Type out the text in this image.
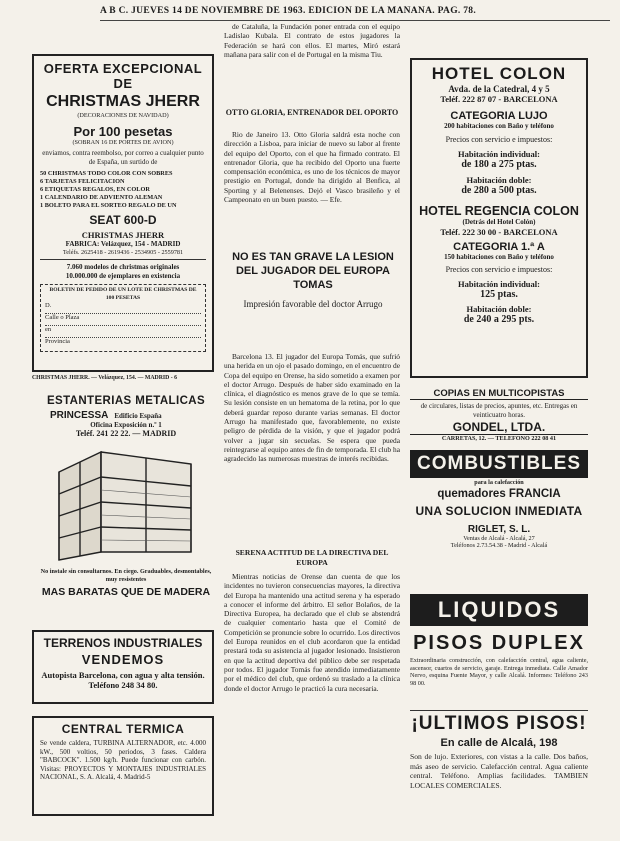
A B C. JUEVES 14 DE NOVIEMBRE DE 1963. EDICION DE LA MAÑANA. PAG. 78.
OFERTA EXCEPCIONAL DE
CHRISTMAS JHERR
(DECORACIONES DE NAVIDAD)
Por 100 pesetas
(SOBRAN 16 DE PORTES DE AVION)
enviamos, contra reembolso, por correo a cualquier punto de España, un surtido de
50 CHRISTMAS TODO COLOR CON SOBRES
6 TARJETAS FELICITACION
6 ETIQUETAS REGALOS, EN COLOR
1 CALENDARIO DE ADVIENTO ALEMAN
1 BOLETO PARA EL SORTEO REGALO DE UN
SEAT 600-D
CHRISTMAS JHERR
FABRICA: Velázquez, 154 - MADRID
Teléfs. 2625418 - 2619436 - 2534905 - 2559781
7.060 modelos de christmas originales
10.000.000 de ejemplares en existencia
BOLETIN DE PEDIDO DE UN LOTE DE CHRISTMAS DE 100 PESETAS
D.
Calle o Plaza
en
Provincia
CHRISTMAS JHERR. — Velázquez, 154. — MADRID - 6
ESTANTERIAS METALICAS
PRINCESSA Edificio España
Oficina Exposición n.º 1
Teléf. 241 22 22. — MADRID
No instale sin consultarnos. En ciego. Graduables, desmontables, muy resistentes
MAS BARATAS QUE DE MADERA
TERRENOS INDUSTRIALES
VENDEMOS
Autopista Barcelona, con agua y alta tensión. Teléfono 248 34 80.
CENTRAL TERMICA
Se vende caldera, TURBINA ALTERNADOR, etc. 4.000 kW., 500 voltios, 50 periodos, 3 fases. Caldera "BABCOCK". 1.500 kg/h. Puede funcionar con carbón. Visitas: PROYECTOS Y MONTAJES INDUSTRIALES NACIONAL, S. A. Alcalá, 4. Madrid-5

de Cataluña, la Fundación poner entrada con el equipo Ladislao Kubala. El contrato de estos jugadores la Federación se hará con ellos. El martes, Miró estará mañana para salir con el de Portugal en la misma Tiu.

OTTO GLORIA, ENTRENADOR DEL OPORTO

Rio de Janeiro 13. Otto Gloria saldrá esta noche con dirección a Lisboa, para iniciar de nuevo su labor al frente del equipo del Oporto, con el que ha firmado contrato. El entrenador Gloria, que ha recibido del Oporto una fuerte compensación económica, es uno de los técnicos de mayor prestigio en Portugal, donde ha dirigido al Benfica, al Sporting y al Belenenses. Dejó el Vasco brasileño y el Campeonato en un buen puesto. — Efe.

NO ES TAN GRAVE LA LESION
DEL JUGADOR DEL EUROPA
TOMAS
Impresión favorable del doctor Arrugo

Barcelona 13. El jugador del Europa Tomás, que sufrió una herida en un ojo el pasado domingo, en el encuentro de Copa del equipo en Orense, ha sido sometido a examen por el doctor Arrugo. Después de haber sido examinado en la clínica, el diagnóstico es menos grave de lo que se temía. Su lesión consiste en un hematoma de la retina, por lo que deberá guardar reposo durante varias semanas. El doctor Arrugo ha manifestado que, favorablemente, no existe peligro de pérdida de la visión, y que el jugador podrá volver a jugar sin secuelas. Se espera que pueda reintegrarse al equipo antes de fin de temporada. El club ha agradecido las numerosas muestras de interés recibidas.

SERENA ACTITUD DE LA DIRECTIVA DEL EUROPA

Mientras noticias de Orense dan cuenta de que los incidentes no tuvieron consecuencias mayores, la directiva del Europa ha mantenido una actitud serena y ha esperado a conocer el informe del árbitro. El señor Bolaños, de la Directiva Europea, ha declarado que el club se abstendrá de cualquier comentario hasta que el Comité de Competición se pronuncie sobre lo ocurrido. Los directivos del Europa reunidos en el club acordaron que la entidad prestará toda su asistencia al jugador lesionado. Insistieron en que la actitud deportiva del público debe ser respetada por todos. El jugador Tomás fue atendido inmediatamente por el médico del club, que ordenó su traslado a la clínica donde el doctor Arrugo le practicó la cura necesaria.

HOTEL COLON
Avda. de la Catedral, 4 y 5
Teléf. 222 87 07 - BARCELONA
CATEGORIA LUJO
200 habitaciones con Baño y teléfono
Precios con servicio e impuestos:
Habitación individual:
de 180 a 275 ptas.
Habitación doble:
de 280 a 500 ptas.
HOTEL REGENCIA COLON
(Detrás del Hotel Colón)
Teléf. 222 30 00 - BARCELONA
CATEGORIA 1.ª A
150 habitaciones con Baño y teléfono
Precios con servicio e impuestos:
Habitación individual:
125 ptas.
Habitación doble:
de 240 a 295 pts.
COPIAS EN MULTICOPISTAS
de circulares, listas de precios, apuntes, etc. Entregas en veinticuatro horas.
GONDEL, LTDA.
CARRETAS, 12. — TELEFONO 222 08 41
COMBUSTIBLES
para la calefacción
quemadores FRANCIA
UNA SOLUCION INMEDIATA
RIGLET, S. L.
Ventas de Alcalá - Alcalá, 27
Teléfonos 2.73.54.38 - Madrid - Alcalá
LIQUIDOS
PISOS DUPLEX
Extraordinaria construcción, con calefacción central, agua caliente, ascensor, cuartos de servicio, garaje. Entrega inmediata. Calle Amador Nervo, esquina Fuente Mayor, y calle Alcalá. Informes: Teléfono 243 98 00.
¡ULTIMOS PISOS!
En calle de Alcalá, 198
Son de lujo. Exteriores, con vistas a la calle. Dos baños, más aseo de servicio. Calefacción central. Agua caliente central. Teléfono. Amplias facilidades. TAMBIEN LOCALES COMERCIALES.
